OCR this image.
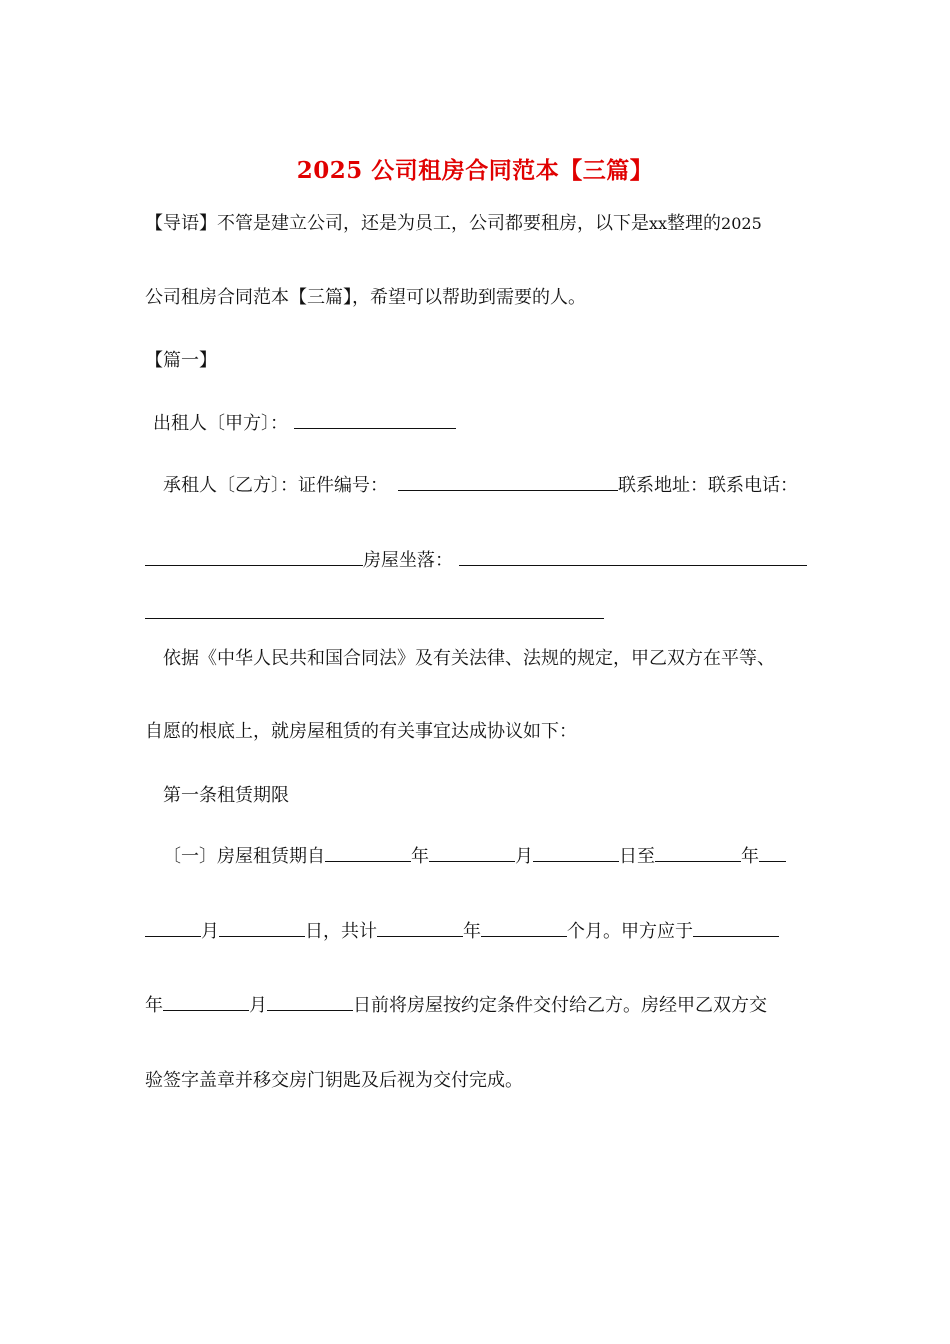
2025 公司租房合同范本【三篇】

【导语】不管是建立公司，还是为员工，公司都要租房，以下是xx整理的2025

公司租房合同范本【三篇】，希望可以帮助到需要的人。

【篇一】

出租人〔甲方〕：

承租人〔乙方〕：证件编号：	联系地址：联系电话：

房屋坐落：

依据《中华人民共和国合同法》及有关法律、法规的规定，甲乙双方在平等、

自愿的根底上，就房屋租赁的有关事宜达成协议如下：

第一条租赁期限

〔一〕房屋租赁期自	年	月	日至	年

月	日，共计	年	个月。甲方应于

年	月	日前将房屋按约定条件交付给乙方。房经甲乙双方交

验签字盖章并移交房门钥匙及后视为交付完成。
